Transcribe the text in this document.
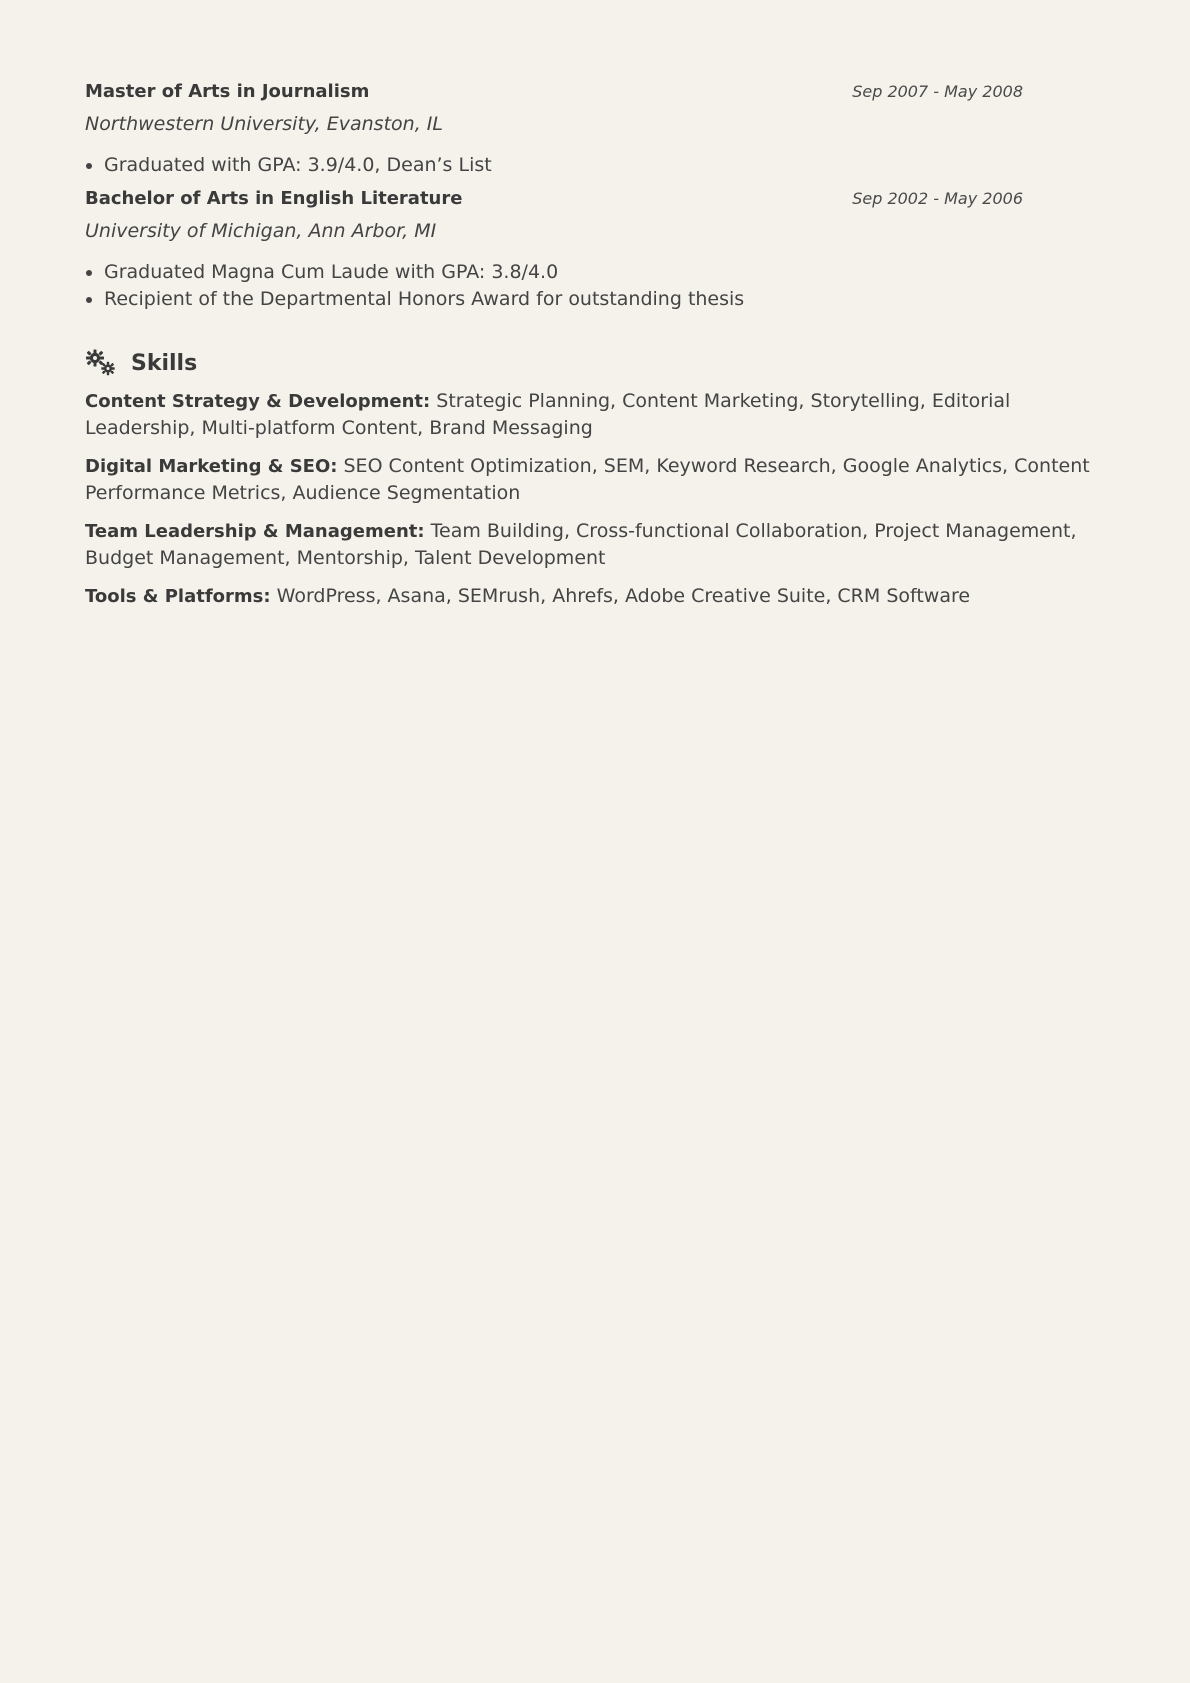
Master of Arts in Journalism	Sep 2007 - May 2008
Northwestern University, Evanston, IL
• Graduated with GPA: 3.9/4.0, Dean’s List
Bachelor of Arts in English Literature	Sep 2002 - May 2006
University of Michigan, Ann Arbor, MI
• Graduated Magna Cum Laude with GPA: 3.8/4.0
• Recipient of the Departmental Honors Award for outstanding thesis
Skills
Content Strategy & Development: Strategic Planning, Content Marketing, Storytelling, Editorial Leadership, Multi-platform Content, Brand Messaging
Digital Marketing & SEO: SEO Content Optimization, SEM, Keyword Research, Google Analytics, Content Performance Metrics, Audience Segmentation
Team Leadership & Management: Team Building, Cross-functional Collaboration, Project Management, Budget Management, Mentorship, Talent Development
Tools & Platforms: WordPress, Asana, SEMrush, Ahrefs, Adobe Creative Suite, CRM Software
